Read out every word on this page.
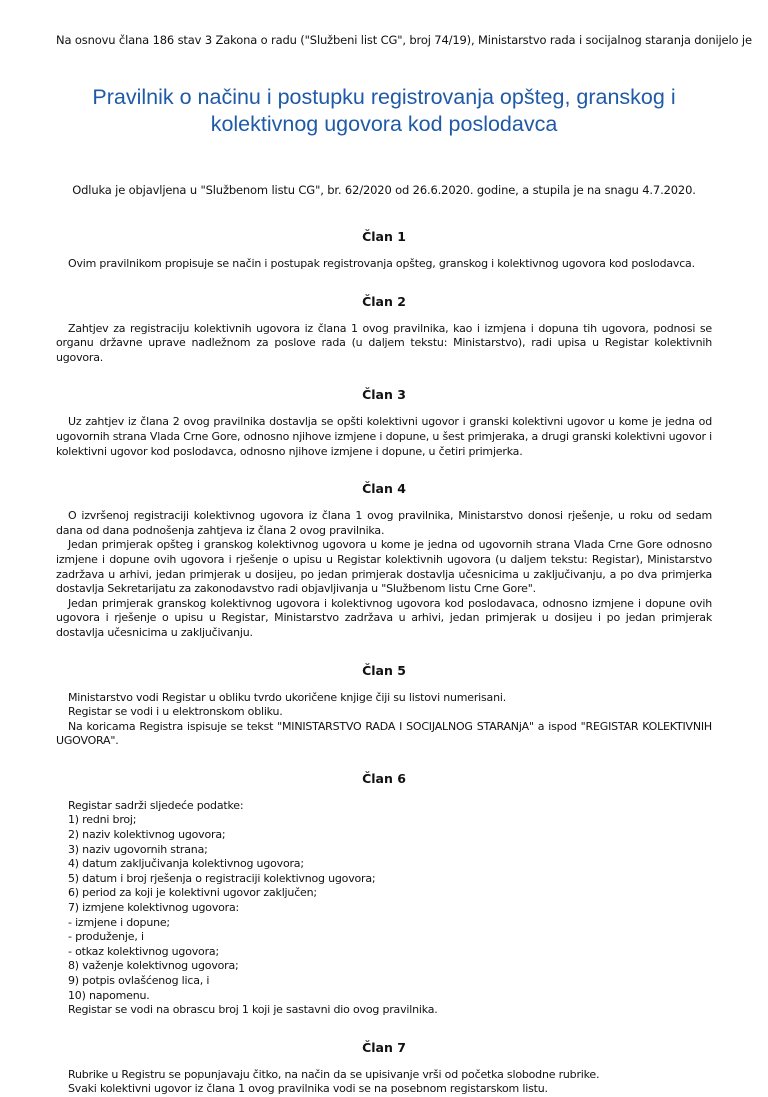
Na osnovu člana 186 stav 3 Zakona o radu ("Službeni list CG", broj 74/19), Ministarstvo rada i socijalnog staranja donijelo je

Pravilnik o načinu i postupku registrovanja opšteg, granskog i kolektivnog ugovora kod poslodavca

Odluka je objavljena u "Službenom listu CG", br. 62/2020 od 26.6.2020. godine, a stupila je na snagu 4.7.2020.

Član 1

Ovim pravilnikom propisuje se način i postupak registrovanja opšteg, granskog i kolektivnog ugovora kod poslodavca.

Član 2

Zahtjev za registraciju kolektivnih ugovora iz člana 1 ovog pravilnika, kao i izmjena i dopuna tih ugovora, podnosi se organu državne uprave nadležnom za poslove rada (u daljem tekstu: Ministarstvo), radi upisa u Registar kolektivnih ugovora.

Član 3

Uz zahtjev iz člana 2 ovog pravilnika dostavlja se opšti kolektivni ugovor i granski kolektivni ugovor u kome je jedna od ugovornih strana Vlada Crne Gore, odnosno njihove izmjene i dopune, u šest primjeraka, a drugi granski kolektivni ugovor i kolektivni ugovor kod poslodavca, odnosno njihove izmjene i dopune, u četiri primjerka.

Član 4

O izvršenoj registraciji kolektivnog ugovora iz člana 1 ovog pravilnika, Ministarstvo donosi rješenje, u roku od sedam dana od dana podnošenja zahtjeva iz člana 2 ovog pravilnika.

Jedan primjerak opšteg i granskog kolektivnog ugovora u kome je jedna od ugovornih strana Vlada Crne Gore odnosno izmjene i dopune ovih ugovora i rješenje o upisu u Registar kolektivnih ugovora (u daljem tekstu: Registar), Ministarstvo zadržava u arhivi, jedan primjerak u dosijeu, po jedan primjerak dostavlja učesnicima u zaključivanju, a po dva primjerka dostavlja Sekretarijatu za zakonodavstvo radi objavljivanja u "Službenom listu Crne Gore".

Jedan primjerak granskog kolektivnog ugovora i kolektivnog ugovora kod poslodavaca, odnosno izmjene i dopune ovih ugovora i rješenje o upisu u Registar, Ministarstvo zadržava u arhivi, jedan primjerak u dosijeu i po jedan primjerak dostavlja učesnicima u zaključivanju.

Član 5

Ministarstvo vodi Registar u obliku tvrdo ukoričene knjige čiji su listovi numerisani.

Registar se vodi i u elektronskom obliku.

Na koricama Registra ispisuje se tekst "MINISTARSTVO RADA I SOCIJALNOG STARANjA" a ispod "REGISTAR KOLEKTIVNIH UGOVORA".

Član 6
Registar sadrži sljedeće podatke:
1) redni broj;
2) naziv kolektivnog ugovora;
3) naziv ugovornih strana;
4) datum zaključivanja kolektivnog ugovora;
5) datum i broj rješenja o registraciji kolektivnog ugovora;
6) period za koji je kolektivni ugovor zaključen;
7) izmjene kolektivnog ugovora:
- izmjene i dopune;
- produženje, i
- otkaz kolektivnog ugovora;
8) važenje kolektivnog ugovora;
9) potpis ovlašćenog lica, i
10) napomenu.
Registar se vodi na obrascu broj 1 koji je sastavni dio ovog pravilnika.
Član 7

Rubrike u Registru se popunjavaju čitko, na način da se upisivanje vrši od početka slobodne rubrike.

Svaki kolektivni ugovor iz člana 1 ovog pravilnika vodi se na posebnom registarskom listu.
